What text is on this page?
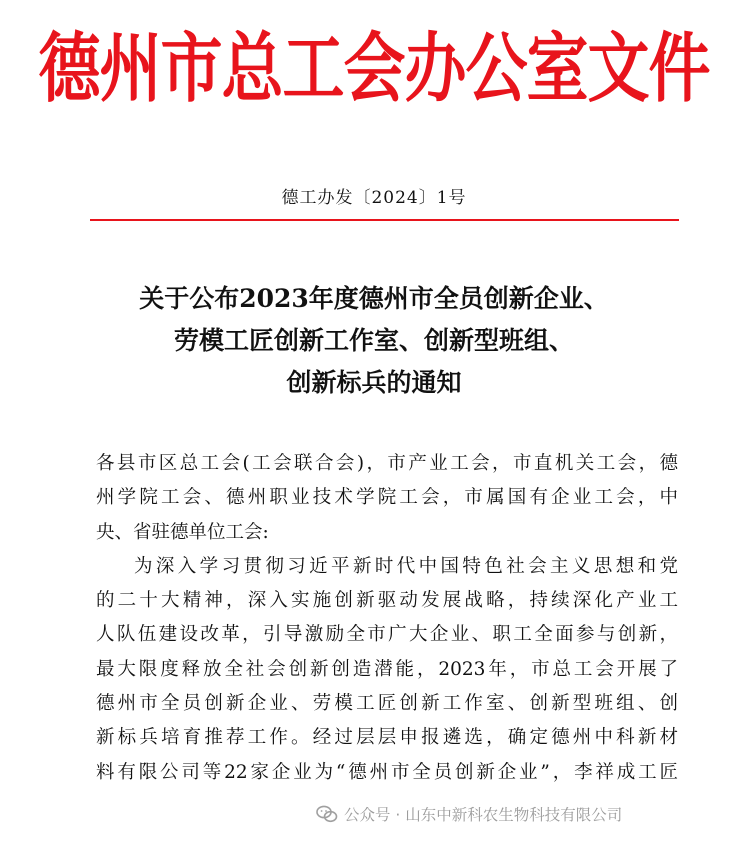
德州市总工会办公室文件
德工办发〔2024〕1号
关于公布2023年度德州市全员创新企业、
劳模工匠创新工作室、创新型班组、
创新标兵的通知
各县市区总工会(工会联合会)，市产业工会，市直机关工会，德
州学院工会、德州职业技术学院工会，市属国有企业工会，中
央、省驻德单位工会:
为深入学习贯彻习近平新时代中国特色社会主义思想和党
的二十大精神，深入实施创新驱动发展战略，持续深化产业工
人队伍建设改革，引导激励全市广大企业、职工全面参与创新，
最大限度释放全社会创新创造潜能，2023年，市总工会开展了
德州市全员创新企业、劳模工匠创新工作室、创新型班组、创
新标兵培育推荐工作。经过层层申报遴选，确定德州中科新材
料有限公司等22家企业为“德州市全员创新企业”，李祥成工匠
公众号 · 山东中新科农生物科技有限公司
